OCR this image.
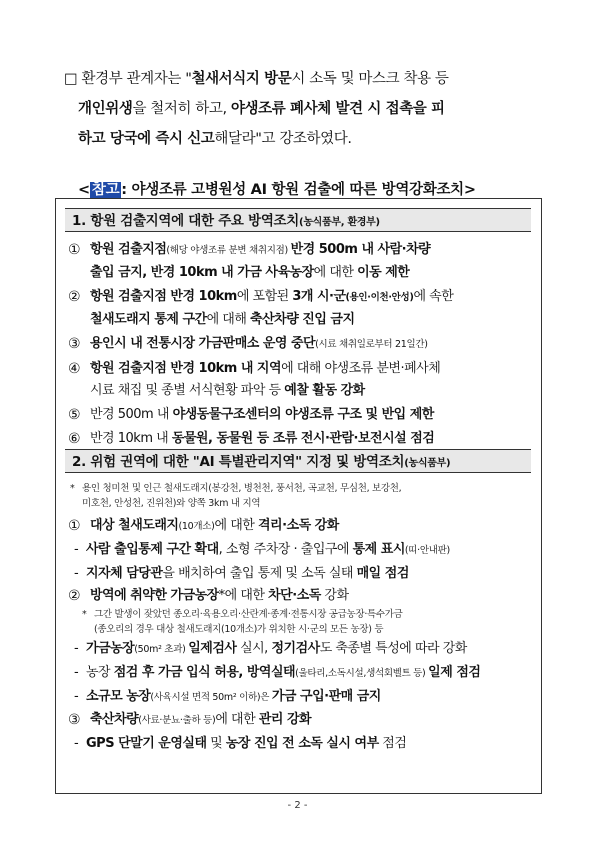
□ 환경부 관계자는 "철새서식지 방문시 소독 및 마스크 착용 등
개인위생을 철저히 하고, 야생조류 폐사체 발견 시 접촉을 피
하고 당국에 즉시 신고해달라"고 강조하였다.
< 참고 : 야생조류 고병원성 AI 항원 검출에 따른 방역강화조치>
1. 항원 검출지역에 대한 주요 방역조치(농식품부, 환경부)
① 항원 검출지점(해당 야생조류 분변 채취지점) 반경 500m 내 사람·차량
출입 금지, 반경 10km 내 가금 사육농장에 대한 이동 제한
② 항원 검출지점 반경 10km에 포함된 3개 시·군(용인·이천·안성)에 속한
철새도래지 통제 구간에 대해 축산차량 진입 금지
③ 용인시 내 전통시장 가금판매소 운영 중단(시료 채취일로부터 21일간)
④ 항원 검출지점 반경 10km 내 지역에 대해 야생조류 분변·폐사체
시료 채집 및 종별 서식현황 파악 등 예찰 활동 강화
⑤ 반경 500m 내 야생동물구조센터의 야생조류 구조 및 반입 제한
⑥ 반경 10km 내 동물원, 동물원 등 조류 전시·관람·보전시설 점검
2. 위험 권역에 대한 "AI 특별관리지역" 지정 및 방역조치(농식품부)
* 용인 청미천 및 인근 철새도래지(봉강천, 병천천, 풍서천, 곡교천, 무심천, 보강천,
미호천, 안성천, 진위천)와 양쪽 3km 내 지역
① 대상 철새도래지(10개소)에 대한 격리·소독 강화
- 사람 출입통제 구간 확대, 소형 주차장 · 출입구에 통제 표시(띠·안내판)
- 지자체 담당관을 배치하여 출입 통제 및 소독 실태 매일 점검
② 방역에 취약한 가금농장*에 대한 차단·소독 강화
* 그간 발생이 잦았던 종오리·육용오리·산란계·종계·전통시장 공급농장·특수가금
(종오리의 경우 대상 철새도래지(10개소)가 위치한 시·군의 모든 농장) 등
- 가금농장(50m² 초과) 일제검사 실시, 정기검사도 축종별 특성에 따라 강화
- 농장 점검 후 가금 입식 허용, 방역실태(울타리,소독시설,생석회벨트 등) 일제 점검
- 소규모 농장(사육시설 면적 50m² 이하)은 가금 구입·판매 금지
③ 축산차량(사료·분뇨·출하 등)에 대한 관리 강화
- GPS 단말기 운영실태 및 농장 진입 전 소독 실시 여부 점검
- 2 -
